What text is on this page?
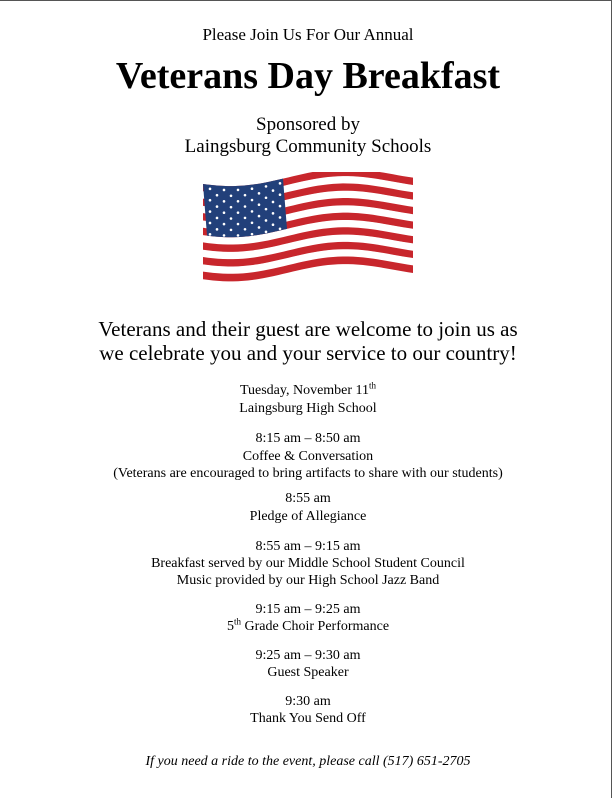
Please Join Us For Our Annual
Veterans Day Breakfast
Sponsored by
Laingsburg Community Schools
Veterans and their guest are welcome to join us as
we celebrate you and your service to our country!
Tuesday, November 11th
Laingsburg High School
8:15 am – 8:50 am
Coffee & Conversation
(Veterans are encouraged to bring artifacts to share with our students)
8:55 am
Pledge of Allegiance
8:55 am – 9:15 am
Breakfast served by our Middle School Student Council
Music provided by our High School Jazz Band
9:15 am – 9:25 am
5th Grade Choir Performance
9:25 am – 9:30 am
Guest Speaker
9:30 am
Thank You Send Off
If you need a ride to the event, please call (517) 651-2705
